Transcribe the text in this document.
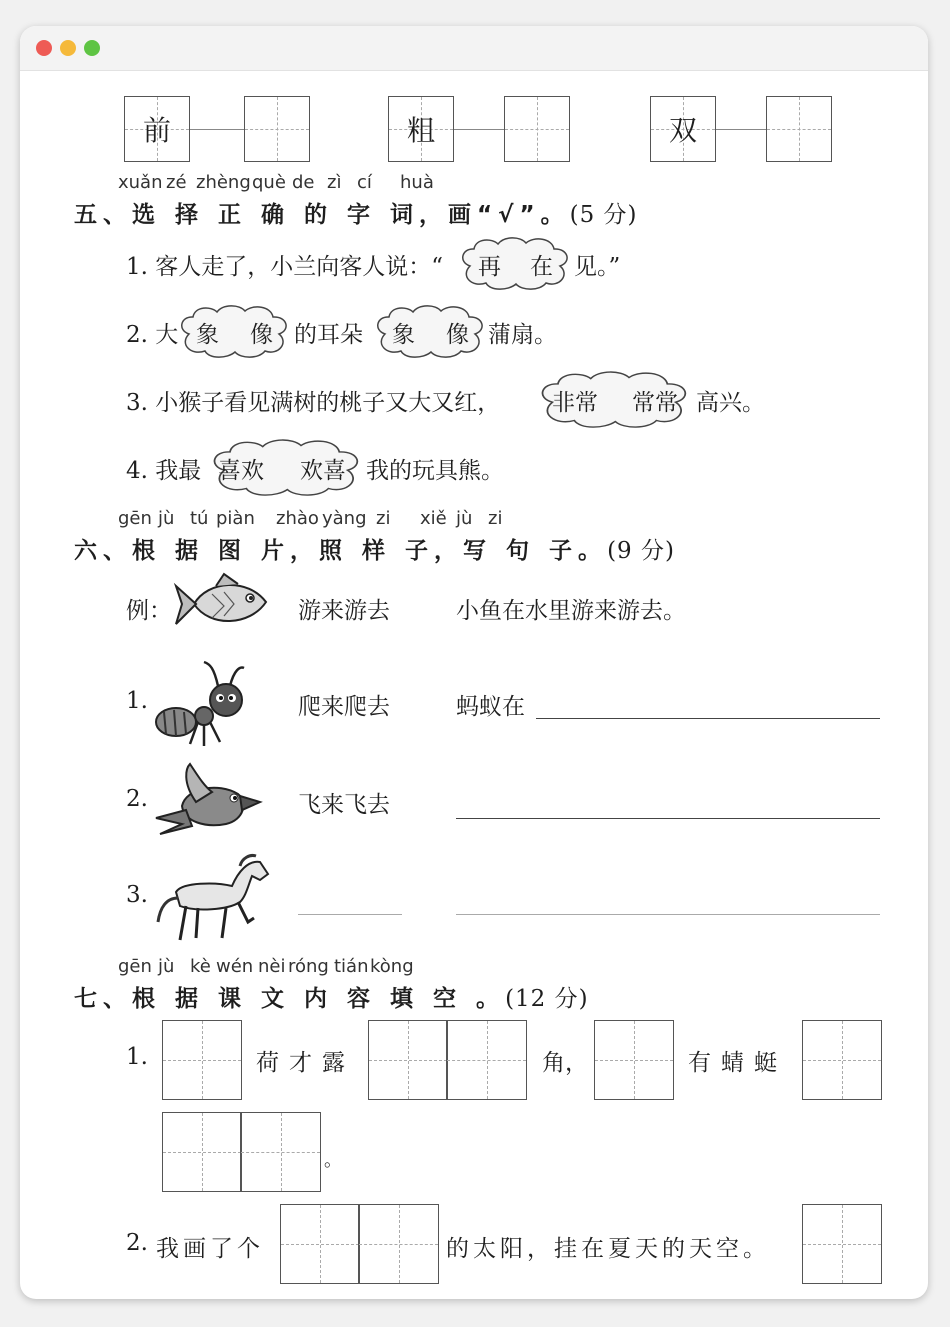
前	粗	双
xuǎn zé zhèng què de zì cí huà
五、选 择 正 确 的 字 词，画“√”。(5 分)
1. 客人走了，小兰向客人说：“ 再 在 见。”
2. 大 象 像 的耳朵 象 像 蒲扇。
3. 小猴子看见满树的桃子又大又红， 非常 常常 高兴。
4. 我最 喜欢 欢喜 我的玩具熊。
gēn jù tú piàn zhào yàng zi xiě jù zi
六、根 据 图 片，照 样 子，写 句 子。(9 分)
例：	游来游去	小鱼在水里游来游去。
1.	爬来爬去	蚂蚁在
2.	飞来飞去
3.
gēn jù kè wén nèi róng tián kòng
七、根 据 课 文 内 容 填 空 。(12 分)
1.	荷才露	角，	有蜻蜓
。
2. 我画了个	的太阳，挂在夏天的天空。
